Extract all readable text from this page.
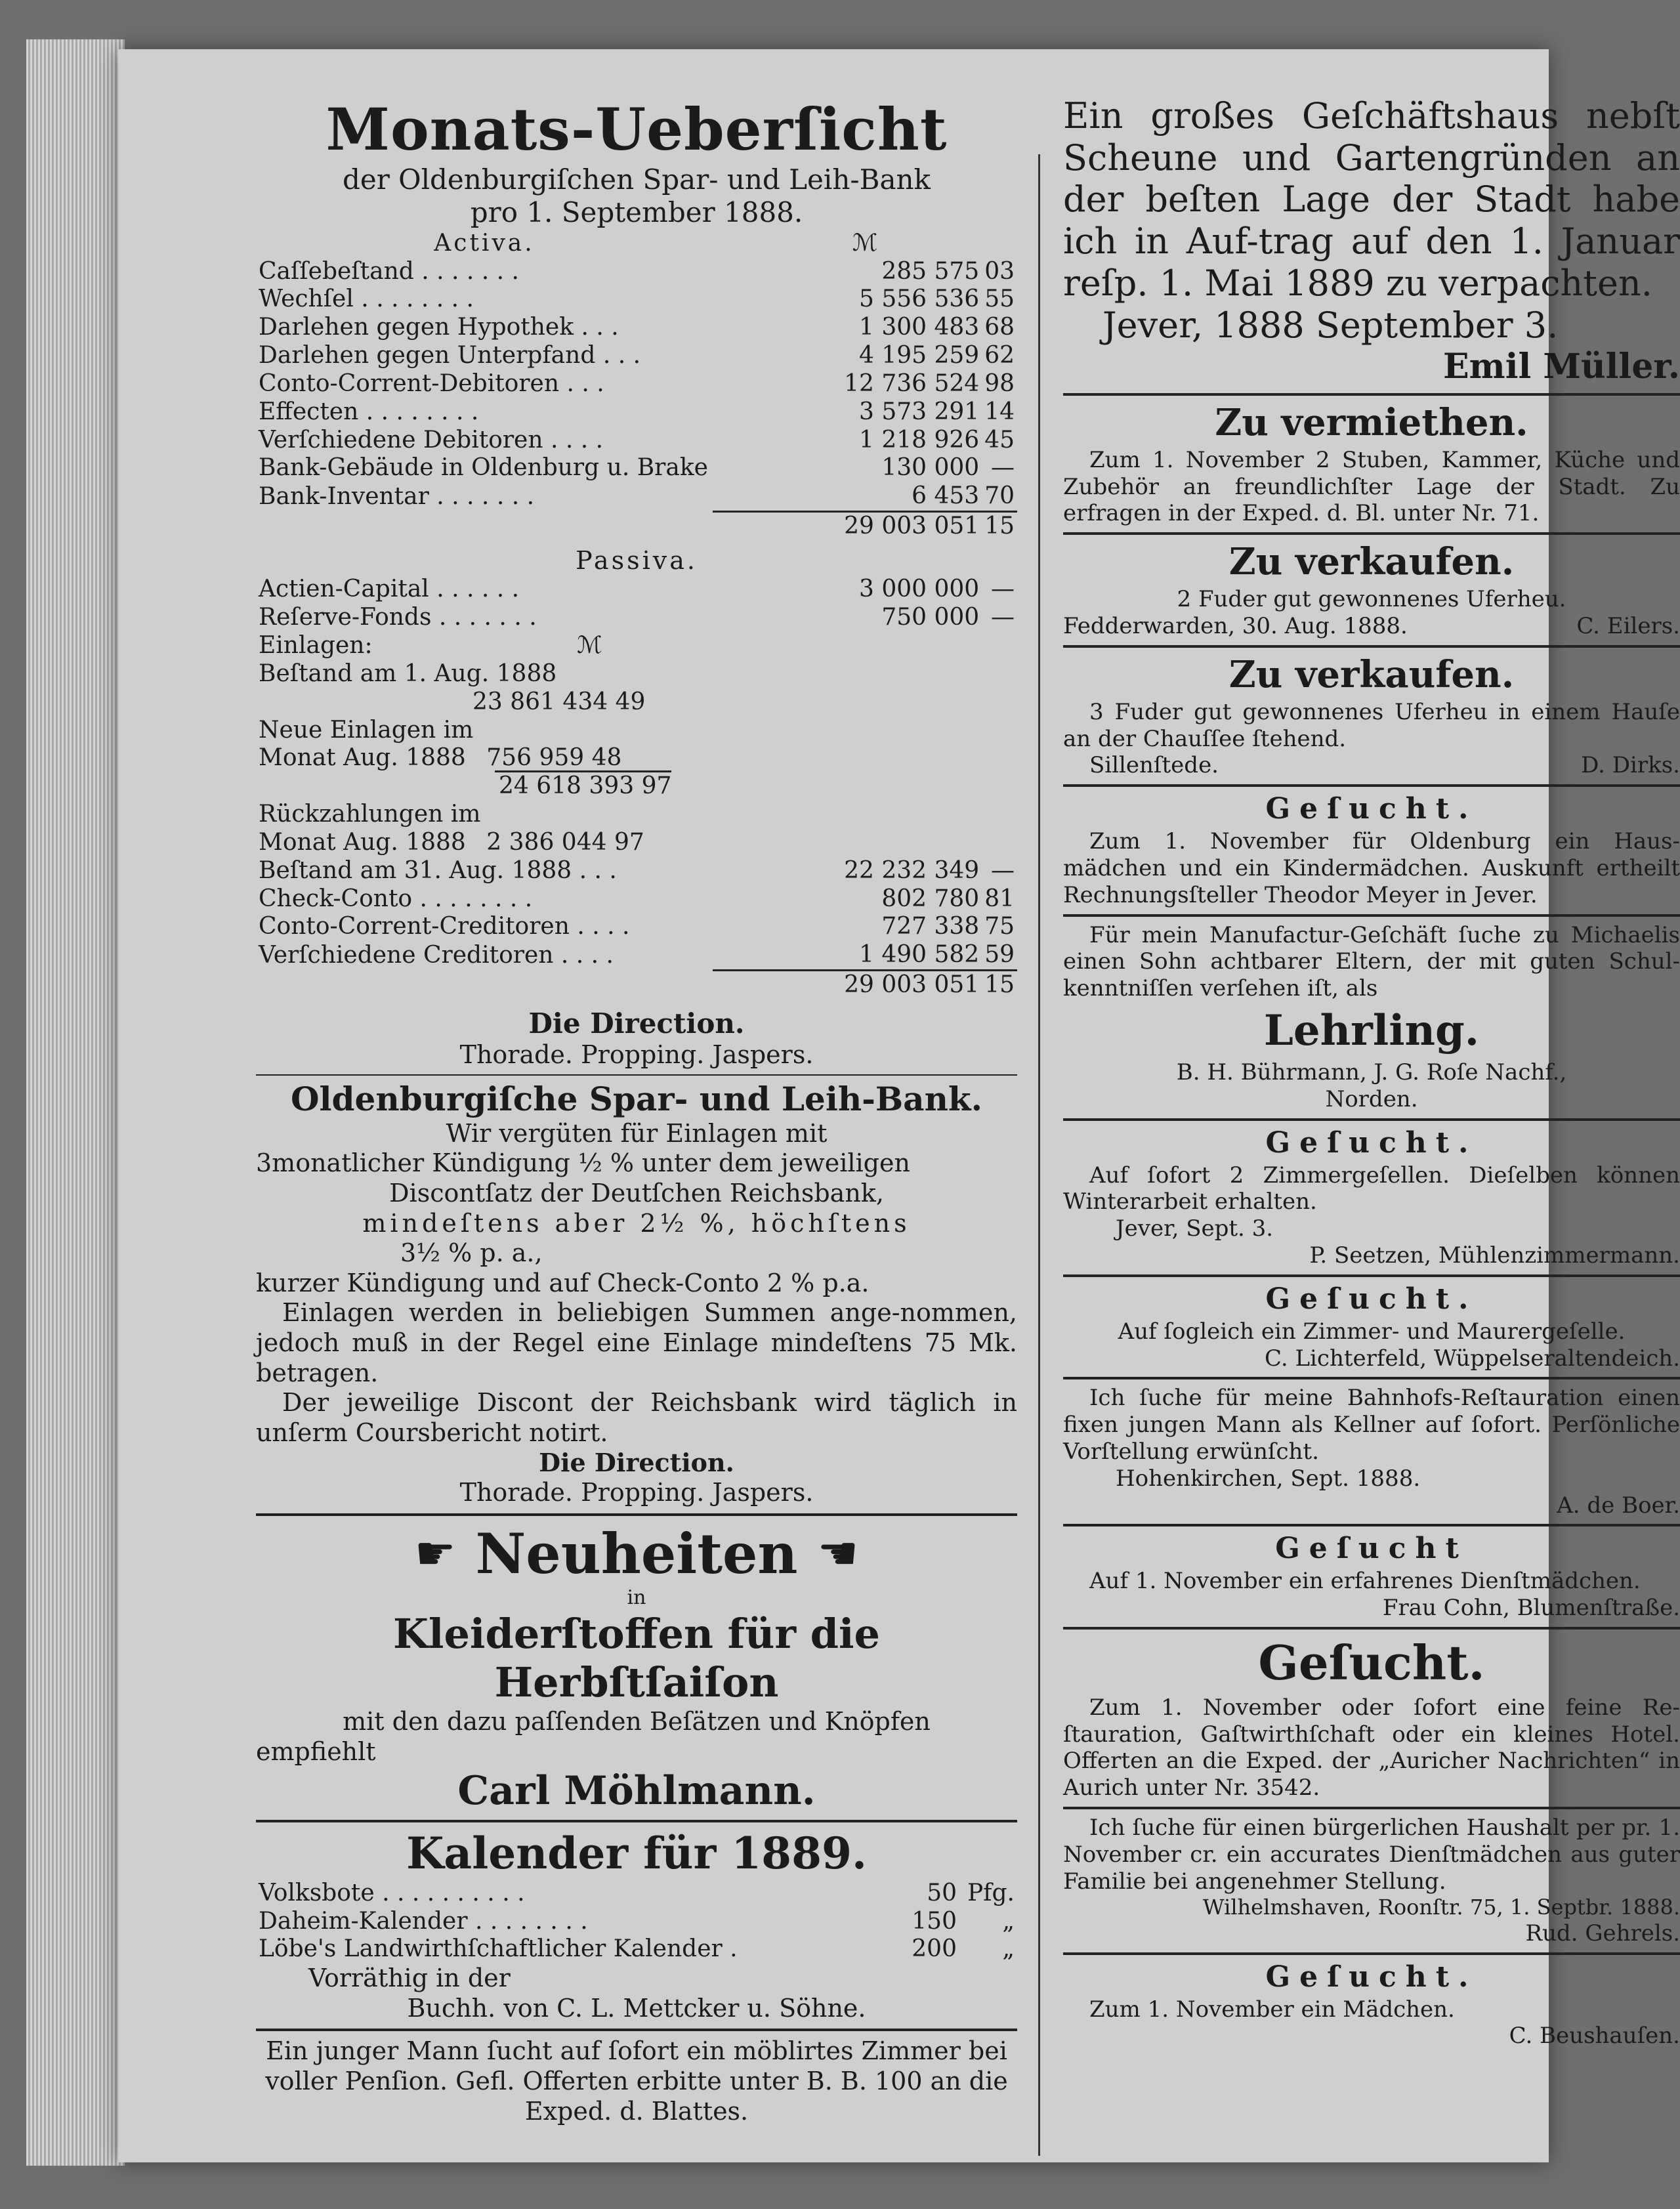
Monats-Ueberſicht

der Oldenburgiſchen Spar- und Leih-Bank

pro 1. September 1888.

Activa.	ℳ	
Caſſebeſtand . . . . . . .	285 575	03
Wechſel . . . . . . . .	5 556 536	55
Darlehen gegen Hypothek . . .	1 300 483	68
Darlehen gegen Unterpfand . . .	4 195 259	62
Conto-Corrent-Debitoren . . .	12 736 524	98
Effecten . . . . . . . .	3 573 291	14
Verſchiedene Debitoren . . . .	1 218 926	45
Bank-Gebäude in Oldenburg u. Brake	130 000	—
Bank-Inventar . . . . . . .	6 453	70
	29 003 051	15

Passiva.

Actien-Capital . . . . . .	3 000 000	—
Reſerve-Fonds . . . . . . .	750 000	—
Einlagen: ℳ		
Beſtand am 1. Aug. 1888		
23 861 434 49		
Neue Einlagen im		
Monat Aug. 1888 756 959 48		
24 618 393 97		
Rückzahlungen im		
Monat Aug. 1888 2 386 044 97		
Beſtand am 31. Aug. 1888 . . .	22 232 349	—
Check-Conto . . . . . . . .	802 780	81
Conto-Corrent-Creditoren . . . .	727 338	75
Verſchiedene Creditoren . . . .	1 490 582	59
	29 003 051	15

Die Direction.

Thorade. Propping. Jaspers.

Oldenburgiſche Spar- und Leih-Bank.

Wir vergüten für Einlagen mit

3monatlicher Kündigung ½ % unter dem jeweiligen

Discontſatz der Deutſchen Reichsbank,

mindeſtens aber 2½ %, höchſtens

3½ % p. a.,

kurzer Kündigung und auf Check-Conto 2 % p.a.

Einlagen werden in beliebigen Summen ange-nommen, jedoch muß in der Regel eine Einlage mindeſtens 75 Mk. betragen.

Der jeweilige Discont der Reichsbank wird täglich in unſerm Coursbericht notirt.

Die Direction.

Thorade. Propping. Jaspers.

☛ Neuheiten ☚

in

Kleiderſtoffen für die Herbſtſaiſon

mit den dazu paſſenden Beſätzen und Knöpfen

empfiehlt

Carl Möhlmann.

Kalender für 1889.

Volksbote . . . . . . . . . .	50	Pfg.
Daheim-Kalender . . . . . . . .	150	„
Löbe's Landwirthſchaftlicher Kalender .	200	„

Vorräthig in der

Buchh. von C. L. Mettcker u. Söhne.

Ein junger Mann ſucht auf ſofort ein möblirtes Zimmer bei voller Penſion. Gefl. Offerten erbitte unter B. B. 100 an die Exped. d. Blattes.

Ein großes Geſchäftshaus nebſt Scheune und Gartengründen an der beſten Lage der Stadt habe ich in Auf-trag auf den 1. Januar reſp. 1. Mai 1889 zu verpachten.

Jever, 1888 September 3.

Emil Müller.

Zu vermiethen.

Zum 1. November 2 Stuben, Kammer, Küche und Zubehör an freundlichſter Lage der Stadt. Zu erfragen in der Exped. d. Bl. unter Nr. 71.

Zu verkaufen.

2 Fuder gut gewonnenes Uferheu.

Fedderwarden, 30. Aug. 1888.	C. Eilers.

Zu verkaufen.

3 Fuder gut gewonnenes Uferheu in einem Hauſe an der Chauſſee ſtehend.

Sillenſtede.	D. Dirks.

Geſucht.

Zum 1. November für Oldenburg ein Haus-mädchen und ein Kindermädchen. Auskunft ertheilt Rechnungsſteller Theodor Meyer in Jever.

Für mein Manufactur-Geſchäft ſuche zu Michaelis einen Sohn achtbarer Eltern, der mit guten Schul-kenntniſſen verſehen iſt, als

Lehrling.

B. H. Bührmann, J. G. Roſe Nachf.,

Norden.

Geſucht.

Auf ſofort 2 Zimmergeſellen. Dieſelben können Winterarbeit erhalten.

Jever, Sept. 3.

P. Seetzen, Mühlenzimmermann.

Geſucht.

Auf ſogleich ein Zimmer- und Maurergeſelle.

C. Lichterfeld, Wüppelseraltendeich.

Ich ſuche für meine Bahnhofs-Reſtauration einen fixen jungen Mann als Kellner auf ſofort. Perſönliche Vorſtellung erwünſcht.

Hohenkirchen, Sept. 1888.

A. de Boer.

Geſucht

Auf 1. November ein erfahrenes Dienſtmädchen.

Frau Cohn, Blumenſtraße.

Geſucht.

Zum 1. November oder ſofort eine feine Re-ſtauration, Gaſtwirthſchaft oder ein kleines Hotel. Offerten an die Exped. der „Auricher Nachrichten“ in Aurich unter Nr. 3542.

Ich ſuche für einen bürgerlichen Haushalt per pr. 1. November cr. ein accurates Dienſtmädchen aus guter Familie bei angenehmer Stellung.

Wilhelmshaven, Roonſtr. 75, 1. Septbr. 1888.

Rud. Gehrels.

Geſucht.

Zum 1. November ein Mädchen.

C. Beushauſen.
